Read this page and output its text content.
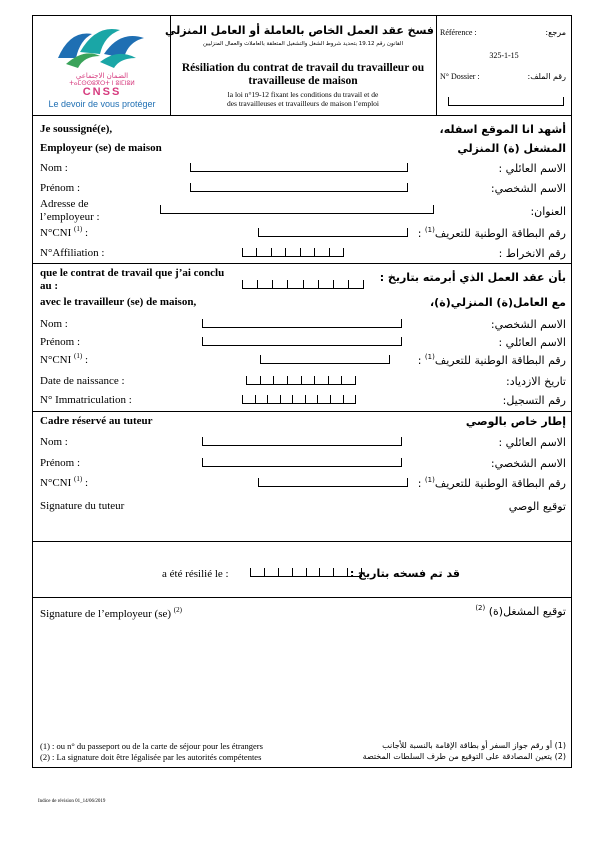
الضمان الاجتماعي
ⵜⴰⵎⵙⵙⵓⴳⵔⵜ ⵏ ⵓⵏⵎⵏⵓⵍ
CNSS
Le devoir de vous protéger
فسخ عقد العمل الخاص بالعاملة أو العامل المنزلي
القانون رقم 19.12 بتحديد شروط الشغل والتشغيل المتعلقة بالعاملات والعمال المنزليين
Résiliation du contrat de travail du travailleur ou travailleuse de maison
la loi n°19-12 fixant les conditions du travail et de
des travailleuses et travailleurs de maison l’emploi
Référence :	مرجع:
325-1-15
N° Dossier :	رقم الملف:
Je soussigné(e),	أشهد انا الموقع اسفله،
Employeur (se) de maison	المشغل (ة) المنزلي
Nom :	الاسم العائلي :
Prénom :	الاسم الشخصي:
Adresse de
l’employeur :	العنوان:
N°CNI $^{(1)}$ :	رقم البطاقة الوطنية للتعريف$^{(1)}$ :
N°Affiliation :	رقم الانخراط :
que le contrat de travail que j’ai conclu
au :
بأن عقد العمل الذي أبرمته بتاريخ :
avec le travailleur (se) de maison,	مع العامل(ة) المنزلي(ة)،
Nom :	الاسم الشخصي:
Prénom :	الاسم العائلي :
N°CNI $^{(1)}$ :	رقم البطاقة الوطنية للتعريف$^{(1)}$ :
Date de naissance :	تاريخ الازدياد:
N° Immatriculation :	رقم التسجيل:
Cadre réservé au tuteur	إطار خاص بالوصي
Nom :	الاسم العائلي :
Prénom :	الاسم الشخصي:
N°CNI $^{(1)}$ :	رقم البطاقة الوطنية للتعريف$^{(1)}$ :
Signature du tuteur	توقيع الوصي
a été résilié le :	قد تم فسخه بتاريخ :
Signature de l’employeur (se) $^{(2)}$	توقيع المشغل(ة) $^{(2)}$
(1) : ou n° du passeport ou de la carte de séjour pour les étrangers
(2) : La signature doit être légalisée par les autorités compétentes
(1) أو رقم جواز السفر أو بطاقة الإقامة بالنسبة للأجانب
(2) يتعين المصادقة على التوقيع من طرف السلطات المختصة
Indice de révision 01_14/06/2019
